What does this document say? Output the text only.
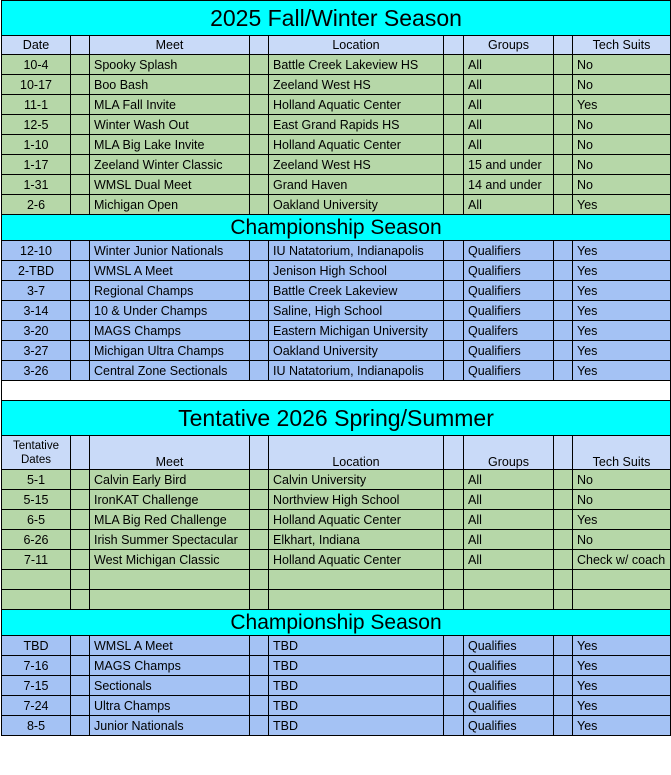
2025 Fall/Winter Season								
Date		Meet		Location		Groups		Tech Suits
10-4		Spooky Splash		Battle Creek Lakeview HS		All		No
10-17		Boo Bash		Zeeland West HS		All		No
11-1		MLA Fall Invite		Holland Aquatic Center		All		Yes
12-5		Winter Wash Out		East Grand Rapids HS		All		No
1-10		MLA Big Lake Invite		Holland Aquatic Center		All		No
1-17		Zeeland Winter Classic		Zeeland West HS		15 and under		No
1-31		WMSL Dual Meet		Grand Haven		14 and under		No
2-6		Michigan Open		Oakland University		All		Yes
Championship Season								
12-10		Winter Junior Nationals		IU Natatorium, Indianapolis		Qualifiers		Yes
2-TBD		WMSL A Meet		Jenison High School		Qualifiers		Yes
3-7		Regional Champs		Battle Creek Lakeview		Qualifiers		Yes
3-14		10 & Under Champs		Saline, High School		Qualifiers		Yes
3-20		MAGS Champs		Eastern Michigan University		Qualifers		Yes
3-27		Michigan Ultra Champs		Oakland University		Qualifiers		Yes
3-26		Central Zone Sectionals		IU Natatorium, Indianapolis		Qualifiers		Yes

Tentative 2026 Spring/Summer								
Tentative
Dates		Meet		Location		Groups		Tech Suits
5-1		Calvin Early Bird		Calvin University		All		No
5-15		IronKAT Challenge		Northview High School		All		No
6-5		MLA Big Red Challenge		Holland Aquatic Center		All		Yes
6-26		Irish Summer Spectacular		Elkhart, Indiana		All		No
7-11		West Michigan Classic		Holland Aquatic Center		All		Check w/ coach

Championship Season								
TBD		WMSL A Meet		TBD		Qualifies		Yes
7-16		MAGS Champs		TBD		Qualifies		Yes
7-15		Sectionals		TBD		Qualifies		Yes
7-24		Ultra Champs		TBD		Qualifies		Yes
8-5		Junior Nationals		TBD		Qualifies		Yes
